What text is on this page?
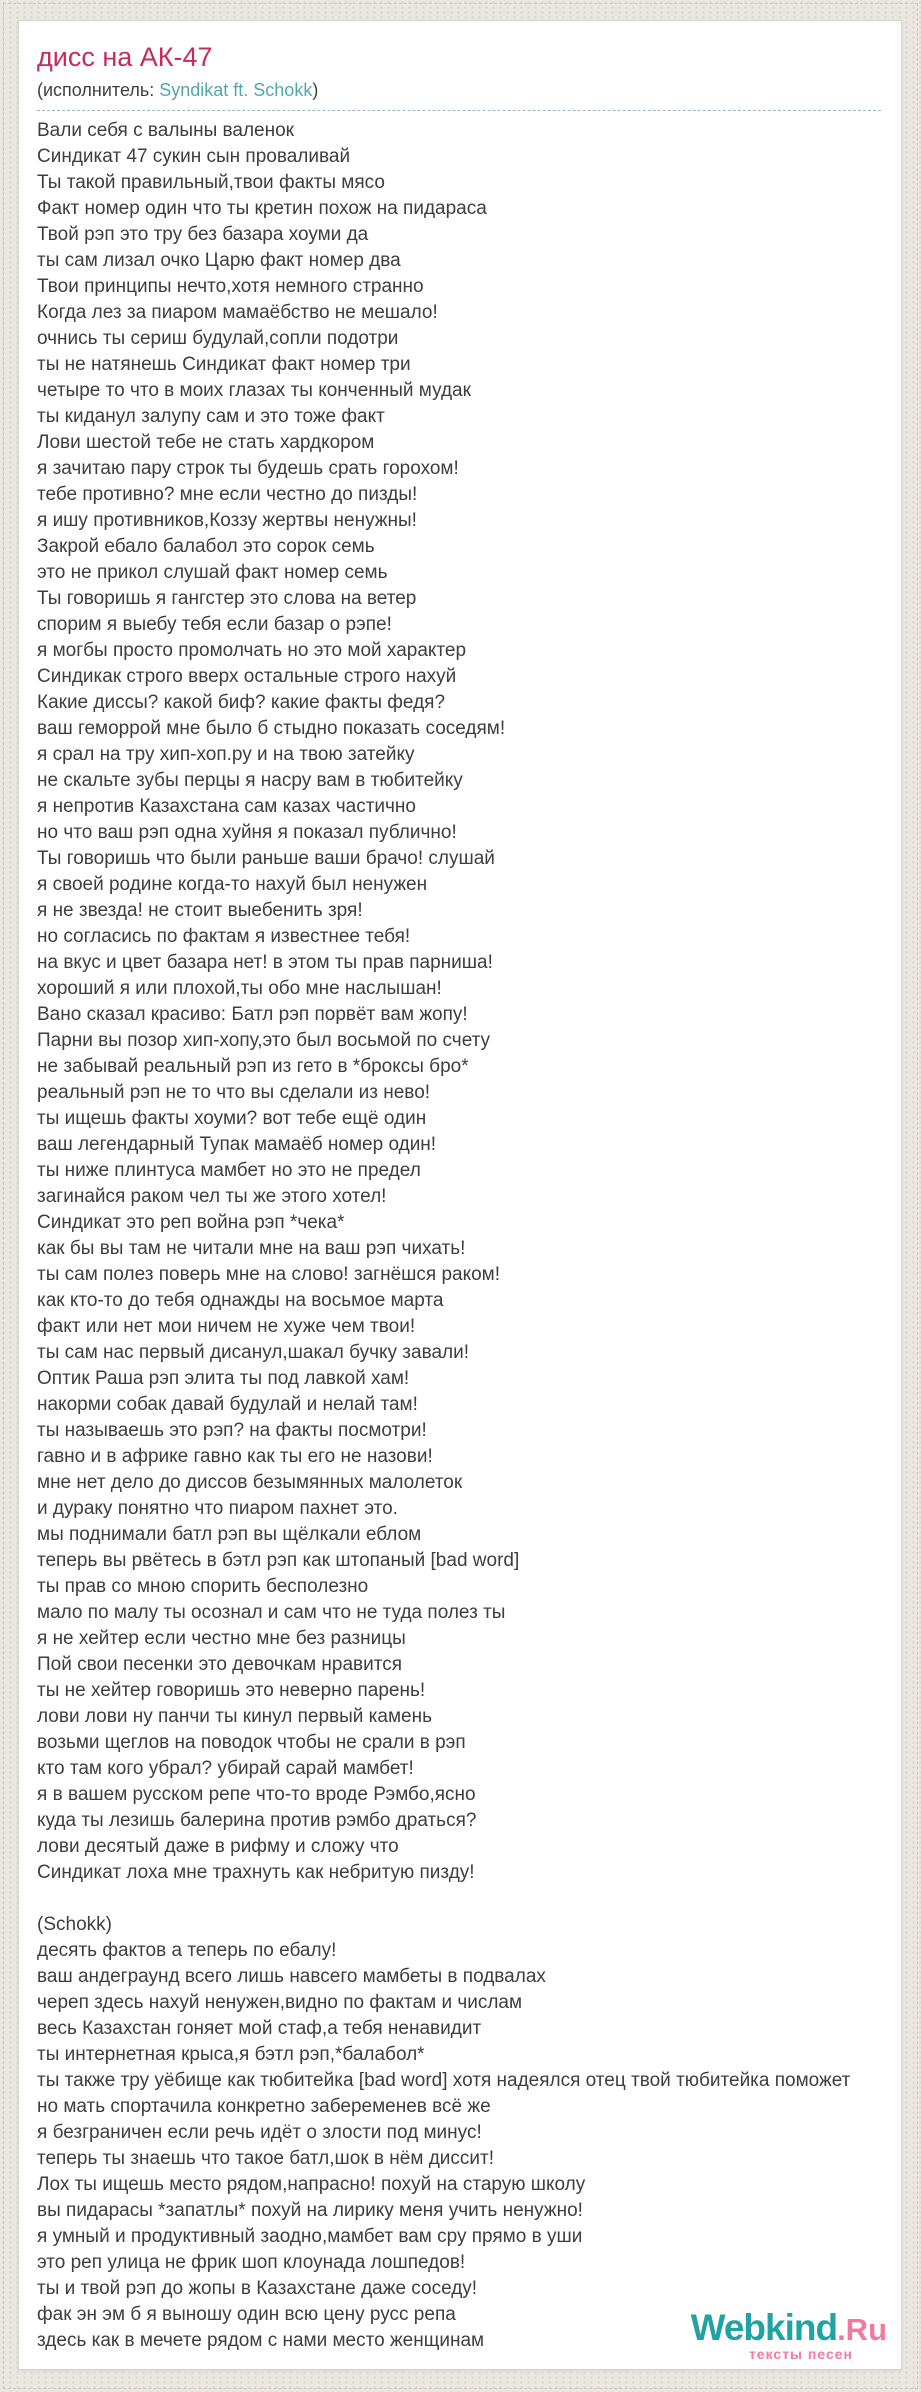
дисс на АК-47
(исполнитель: Syndikat ft. Schokk)
Вали себя с валыны валенок
Синдикат 47 сукин сын проваливай
Ты такой правильный,твои факты мясо
Факт номер один что ты кретин похож на пидараса
Твой рэп это тру без базара хоуми да
ты сам лизал очко Царю факт номер два
Твои принципы нечто,хотя немного странно
Когда лез за пиаром мамаёбство не мешало!
очнись ты сериш будулай,сопли подотри
ты не натянешь Синдикат факт номер три
четыре то что в моих глазах ты конченный мудак
ты киданул залупу сам и это тоже факт
Лови шестой тебе не стать хардкором
я зачитаю пару строк ты будешь срать горохом!
тебе противно? мне если честно до пизды!
я ишу противников,Коззу жертвы ненужны!
Закрой ебало балабол это сорок семь
это не прикол слушай факт номер семь
Ты говоришь я гангстер это слова на ветер
спорим я выебу тебя если базар о рэпе!
я могбы просто промолчать но это мой характер
Синдикак строго вверх остальные строго нахуй
Какие диссы? какой биф? какие факты федя?
ваш геморрой мне было б стыдно показать соседям!
я срал на тру хип-хоп.ру и на твою затейку
не скальте зубы перцы я насру вам в тюбитейку
я непротив Казахстана сам казах частично
но что ваш рэп одна хуйня я показал публично!
Ты говоришь что были раньше ваши брачо! слушай
я своей родине когда-то нахуй был ненужен
я не звезда! не стоит выебенить зря!
но согласись по фактам я известнее тебя!
на вкус и цвет базара нет! в этом ты прав парниша!
хороший я или плохой,ты обо мне наслышан!
Вано сказал красиво: Батл рэп порвёт вам жопу!
Парни вы позор хип-хопу,это был восьмой по счету
не забывай реальный рэп из гето в *броксы бро*
реальный рэп не то что вы сделали из нево!
ты ищешь факты хоуми? вот тебе ещё один
ваш легендарный Тупак мамаёб номер один!
ты ниже плинтуса мамбет но это не предел
загинайся раком чел ты же этого хотел!
Синдикат это реп война рэп *чека*
как бы вы там не читали мне на ваш рэп чихать!
ты сам полез поверь мне на слово! загнёшся раком!
как кто-то до тебя однажды на восьмое марта
факт или нет мои ничем не хуже чем твои!
ты сам нас первый дисанул,шакал бучку завали!
Оптик Раша рэп элита ты под лавкой хам!
накорми собак давай будулай и нелай там!
ты называешь это рэп? на факты посмотри!
гавно и в африке гавно как ты его не назови!
мне нет дело до диссов безымянных малолеток
и дураку понятно что пиаром пахнет это.
мы поднимали батл рэп вы щёлкали еблом
теперь вы рвётесь в бэтл рэп как штопаный [bad word]
ты прав со мною спорить бесполезно
мало по малу ты осознал и сам что не туда полез ты
я не хейтер если честно мне без разницы
Пой свои песенки это девочкам нравится
ты не хейтер говоришь это неверно парень!
лови лови ну панчи ты кинул первый камень
возьми щеглов на поводок чтобы не срали в рэп
кто там кого убрал? убирай сарай мамбет!
я в вашем русском репе что-то вроде Рэмбо,ясно
куда ты лезишь балерина против рэмбо драться?
лови десятый даже в рифму и сложу что
Синдикат лоха мне трахнуть как небритую пизду!

(Schokk)
десять фактов а теперь по ебалу!
ваш андеграунд всего лишь навсего мамбеты в подвалах
череп здесь нахуй ненужен,видно по фактам и числам
весь Казахстан гоняет мой стаф,а тебя ненавидит
ты интернетная крыса,я бэтл рэп,*балабол*
ты также тру уёбище как тюбитейка [bad word] хотя надеялся отец твой тюбитейка поможет
но мать спортачила конкретно забеременев всё же
я безграничен если речь идёт о злости под минус!
теперь ты знаешь что такое батл,шок в нём диссит!
Лох ты ищешь место рядом,напрасно! похуй на старую школу
вы пидарасы *запатлы* похуй на лирику меня учить ненужно!
я умный и продуктивный заодно,мамбет вам сру прямо в уши
это реп улица не фрик шоп клоунада лошпедов!
ты и твой рэп до жопы в Казахстане даже соседу!
фак эн эм б я выношу один всю цену русс репа
здесь как в мечете рядом с нами место женщинам	Webkind.Ru
тексты песен
